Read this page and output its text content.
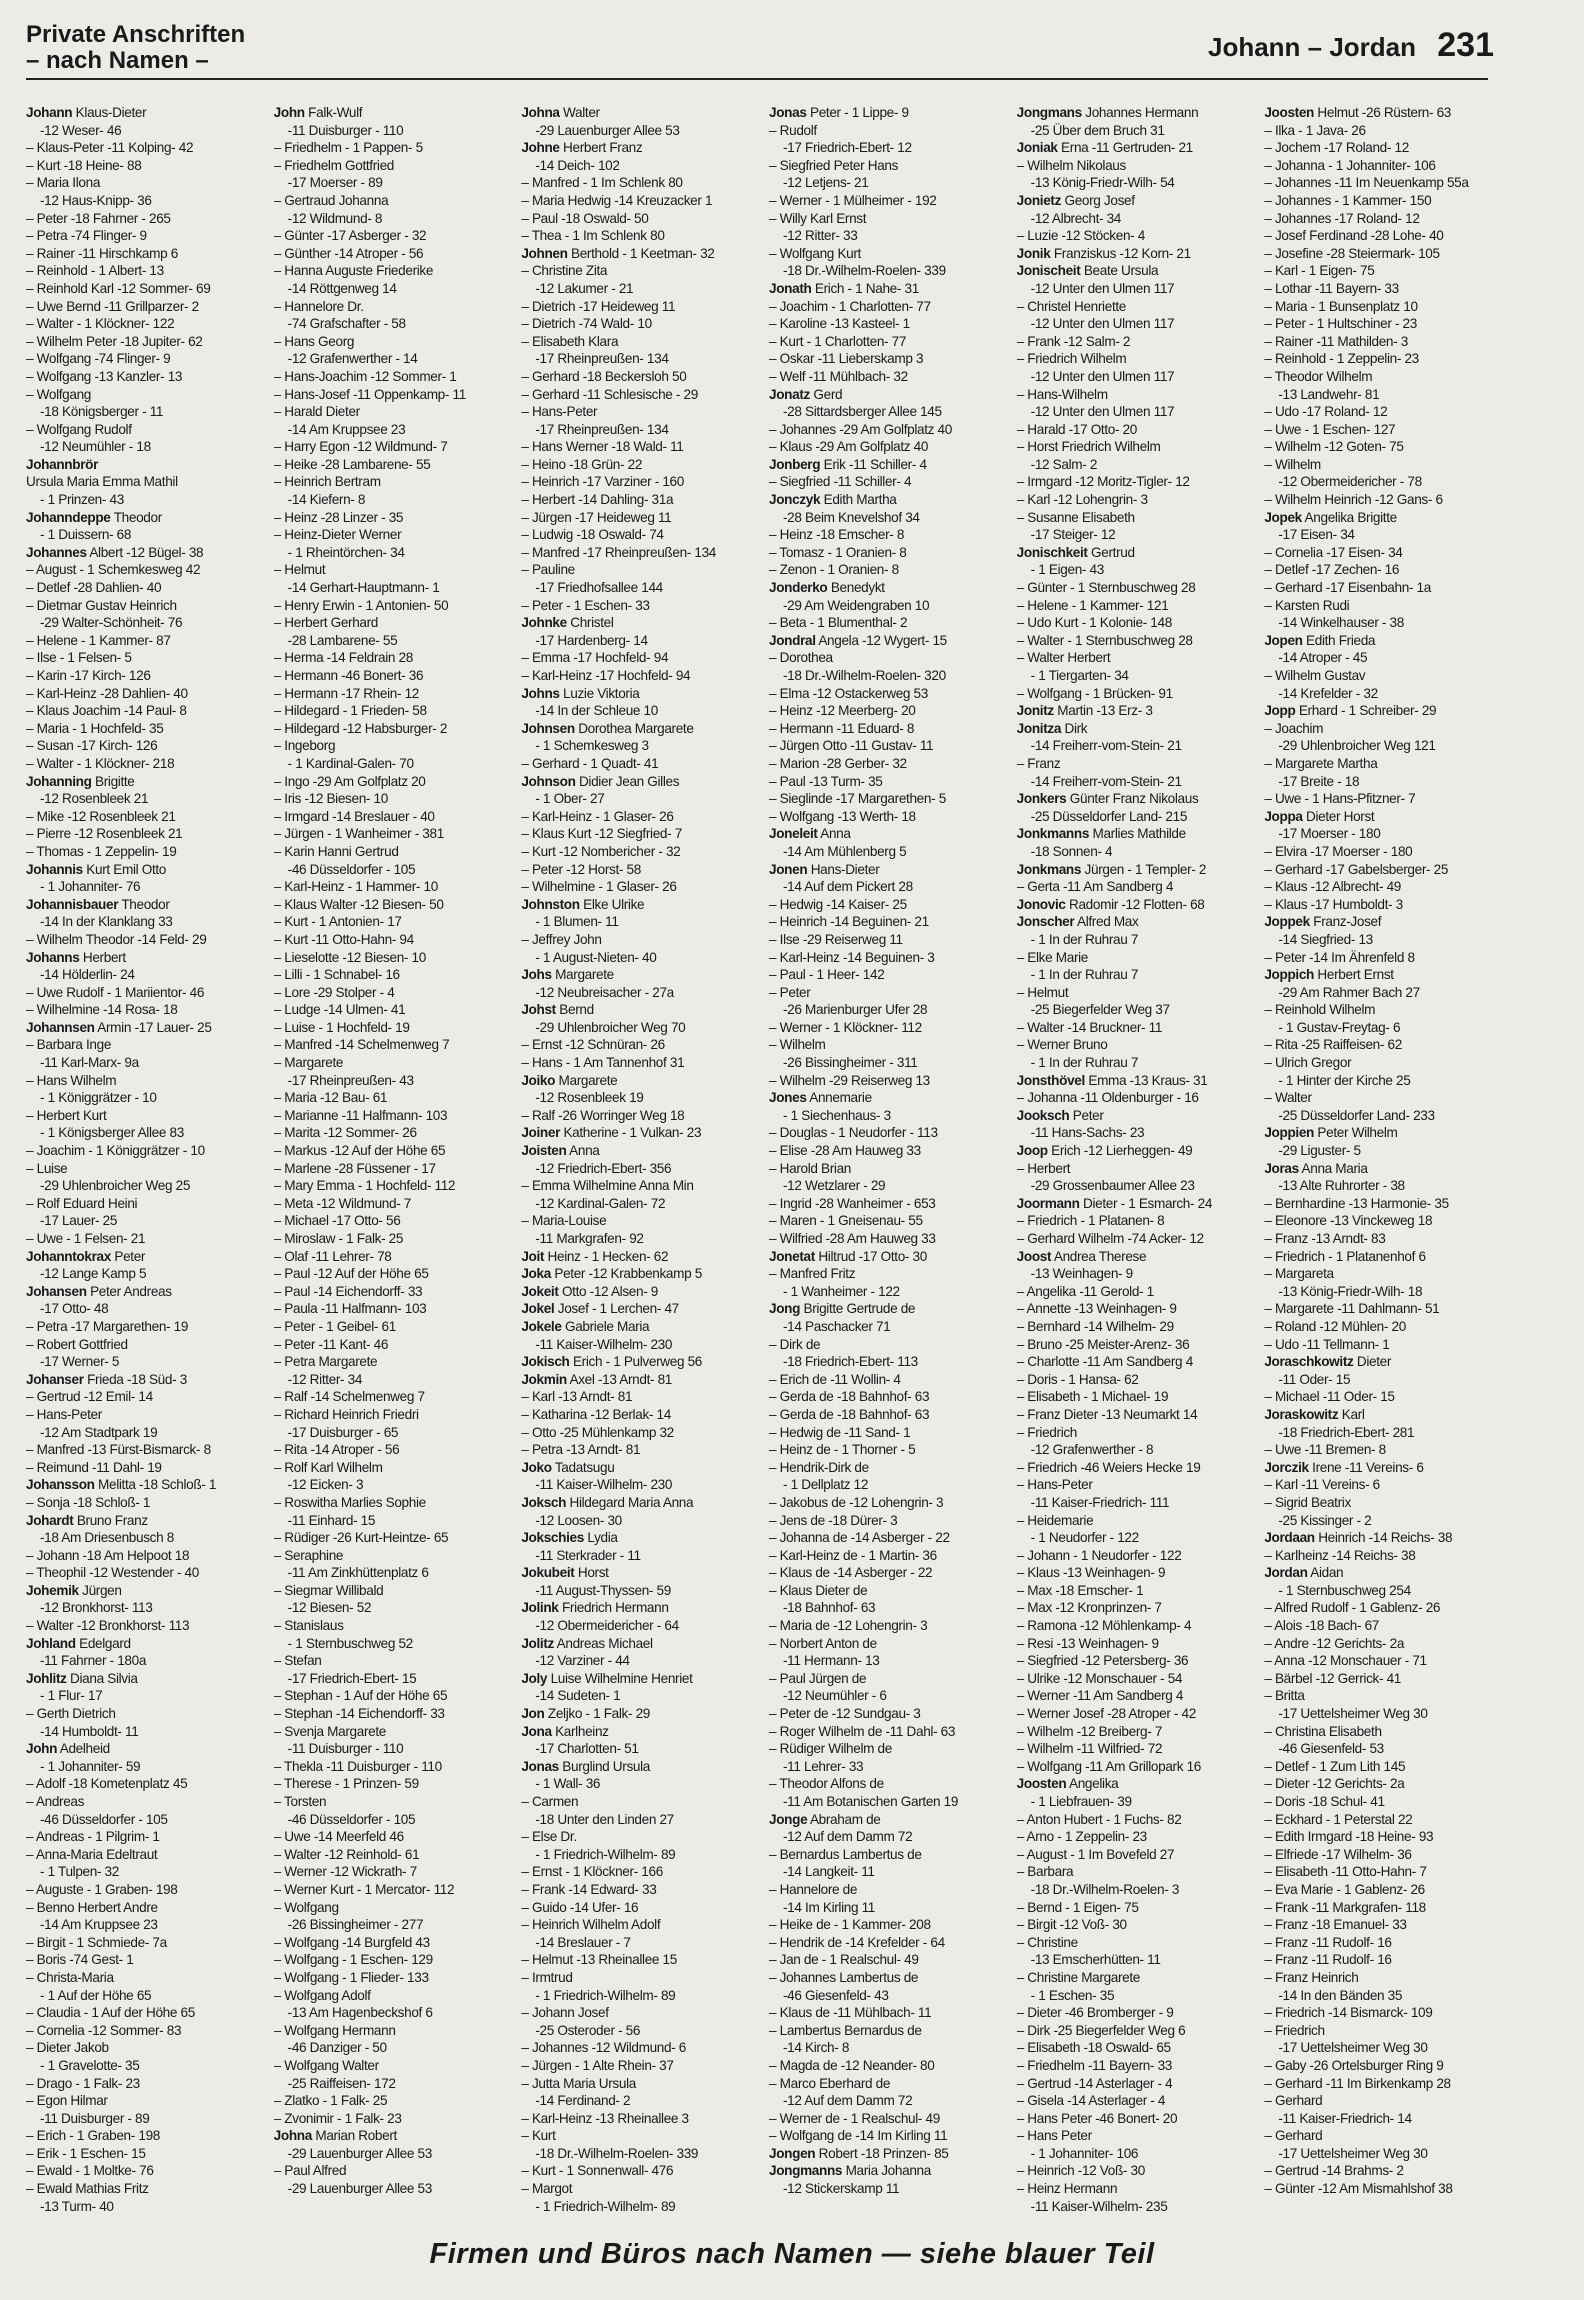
Private Anschriften
– nach Namen –	Johann – Jordan 231
Johann Klaus-Dieter
-12 Weser- 46
– Klaus-Peter -11 Kolping- 42
– Kurt -18 Heine- 88
– Maria Ilona
-12 Haus-Knipp- 36
– Peter -18 Fahrner - 265
– Petra -74 Flinger- 9
– Rainer -11 Hirschkamp 6
– Reinhold - 1 Albert- 13
– Reinhold Karl -12 Sommer- 69
– Uwe Bernd -11 Grillparzer- 2
– Walter - 1 Klöckner- 122
– Wilhelm Peter -18 Jupiter- 62
– Wolfgang -74 Flinger- 9
– Wolfgang -13 Kanzler- 13
– Wolfgang
-18 Königsberger - 11
– Wolfgang Rudolf
-12 Neumühler - 18
Johannbrör
Ursula Maria Emma Mathil
- 1 Prinzen- 43
Johanndeppe Theodor
- 1 Duissern- 68
Johannes Albert -12 Bügel- 38
– August - 1 Schemkesweg 42
– Detlef -28 Dahlien- 40
– Dietmar Gustav Heinrich
-29 Walter-Schönheit- 76
– Helene - 1 Kammer- 87
– Ilse - 1 Felsen- 5
– Karin -17 Kirch- 126
– Karl-Heinz -28 Dahlien- 40
– Klaus Joachim -14 Paul- 8
– Maria - 1 Hochfeld- 35
– Susan -17 Kirch- 126
– Walter - 1 Klöckner- 218
Johanning Brigitte
-12 Rosenbleek 21
– Mike -12 Rosenbleek 21
– Pierre -12 Rosenbleek 21
– Thomas - 1 Zeppelin- 19
Johannis Kurt Emil Otto
- 1 Johanniter- 76
Johannisbauer Theodor
-14 In der Klanklang 33
– Wilhelm Theodor -14 Feld- 29
Johanns Herbert
-14 Hölderlin- 24
– Uwe Rudolf - 1 Mariientor- 46
– Wilhelmine -14 Rosa- 18
Johannsen Armin -17 Lauer- 25
– Barbara Inge
-11 Karl-Marx- 9a
– Hans Wilhelm
- 1 Königgrätzer - 10
– Herbert Kurt
- 1 Königsberger Allee 83
– Joachim - 1 Königgrätzer - 10
– Luise
-29 Uhlenbroicher Weg 25
– Rolf Eduard Heini
-17 Lauer- 25
– Uwe - 1 Felsen- 21
Johanntokrax Peter
-12 Lange Kamp 5
Johansen Peter Andreas
-17 Otto- 48
– Petra -17 Margarethen- 19
– Robert Gottfried
-17 Werner- 5
Johanser Frieda -18 Süd- 3
– Gertrud -12 Emil- 14
– Hans-Peter
-12 Am Stadtpark 19
– Manfred -13 Fürst-Bismarck- 8
– Reimund -11 Dahl- 19
Johansson Melitta -18 Schloß- 1
– Sonja -18 Schloß- 1
Johardt Bruno Franz
-18 Am Driesenbusch 8
– Johann -18 Am Helpoot 18
– Theophil -12 Westender - 40
Johemik Jürgen
-12 Bronkhorst- 113
– Walter -12 Bronkhorst- 113
Johland Edelgard
-11 Fahrner - 180a
Johlitz Diana Silvia
- 1 Flur- 17
– Gerth Dietrich
-14 Humboldt- 11
John Adelheid
- 1 Johanniter- 59
– Adolf -18 Kometenplatz 45
– Andreas
-46 Düsseldorfer - 105
– Andreas - 1 Pilgrim- 1
– Anna-Maria Edeltraut
- 1 Tulpen- 32
– Auguste - 1 Graben- 198
– Benno Herbert Andre
-14 Am Kruppsee 23
– Birgit - 1 Schmiede- 7a
– Boris -74 Gest- 1
– Christa-Maria
- 1 Auf der Höhe 65
– Claudia - 1 Auf der Höhe 65
– Cornelia -12 Sommer- 83
– Dieter Jakob
- 1 Gravelotte- 35
– Drago - 1 Falk- 23
– Egon Hilmar
-11 Duisburger - 89
– Erich - 1 Graben- 198
– Erik - 1 Eschen- 15
– Ewald - 1 Moltke- 76
– Ewald Mathias Fritz
-13 Turm- 40
John Falk-Wulf
-11 Duisburger - 110
– Friedhelm - 1 Pappen- 5
– Friedhelm Gottfried
-17 Moerser - 89
– Gertraud Johanna
-12 Wildmund- 8
– Günter -17 Asberger - 32
– Günther -14 Atroper - 56
– Hanna Auguste Friederike
-14 Röttgenweg 14
– Hannelore Dr.
-74 Grafschafter - 58
– Hans Georg
-12 Grafenwerther - 14
– Hans-Joachim -12 Sommer- 1
– Hans-Josef -11 Oppenkamp- 11
– Harald Dieter
-14 Am Kruppsee 23
– Harry Egon -12 Wildmund- 7
– Heike -28 Lambarene- 55
– Heinrich Bertram
-14 Kiefern- 8
– Heinz -28 Linzer - 35
– Heinz-Dieter Werner
- 1 Rheintörchen- 34
– Helmut
-14 Gerhart-Hauptmann- 1
– Henry Erwin - 1 Antonien- 50
– Herbert Gerhard
-28 Lambarene- 55
– Herma -14 Feldrain 28
– Hermann -46 Bonert- 36
– Hermann -17 Rhein- 12
– Hildegard - 1 Frieden- 58
– Hildegard -12 Habsburger- 2
– Ingeborg
- 1 Kardinal-Galen- 70
– Ingo -29 Am Golfplatz 20
– Iris -12 Biesen- 10
– Irmgard -14 Breslauer - 40
– Jürgen - 1 Wanheimer - 381
– Karin Hanni Gertrud
-46 Düsseldorfer - 105
– Karl-Heinz - 1 Hammer- 10
– Klaus Walter -12 Biesen- 50
– Kurt - 1 Antonien- 17
– Kurt -11 Otto-Hahn- 94
– Lieselotte -12 Biesen- 10
– Lilli - 1 Schnabel- 16
– Lore -29 Stolper - 4
– Ludge -14 Ulmen- 41
– Luise - 1 Hochfeld- 19
– Manfred -14 Schelmenweg 7
– Margarete
-17 Rheinpreußen- 43
– Maria -12 Bau- 61
– Marianne -11 Halfmann- 103
– Marita -12 Sommer- 26
– Markus -12 Auf der Höhe 65
– Marlene -28 Füssener - 17
– Mary Emma - 1 Hochfeld- 112
– Meta -12 Wildmund- 7
– Michael -17 Otto- 56
– Miroslaw - 1 Falk- 25
– Olaf -11 Lehrer- 78
– Paul -12 Auf der Höhe 65
– Paul -14 Eichendorff- 33
– Paula -11 Halfmann- 103
– Peter - 1 Geibel- 61
– Peter -11 Kant- 46
– Petra Margarete
-12 Ritter- 34
– Ralf -14 Schelmenweg 7
– Richard Heinrich Friedri
-17 Duisburger - 65
– Rita -14 Atroper - 56
– Rolf Karl Wilhelm
-12 Eicken- 3
– Roswitha Marlies Sophie
-11 Einhard- 15
– Rüdiger -26 Kurt-Heintze- 65
– Seraphine
-11 Am Zinkhüttenplatz 6
– Siegmar Willibald
-12 Biesen- 52
– Stanislaus
- 1 Sternbuschweg 52
– Stefan
-17 Friedrich-Ebert- 15
– Stephan - 1 Auf der Höhe 65
– Stephan -14 Eichendorff- 33
– Svenja Margarete
-11 Duisburger - 110
– Thekla -11 Duisburger - 110
– Therese - 1 Prinzen- 59
– Torsten
-46 Düsseldorfer - 105
– Uwe -14 Meerfeld 46
– Walter -12 Reinhold- 61
– Werner -12 Wickrath- 7
– Werner Kurt - 1 Mercator- 112
– Wolfgang
-26 Bissingheimer - 277
– Wolfgang -14 Burgfeld 43
– Wolfgang - 1 Eschen- 129
– Wolfgang - 1 Flieder- 133
– Wolfgang Adolf
-13 Am Hagenbeckshof 6
– Wolfgang Hermann
-46 Danziger - 50
– Wolfgang Walter
-25 Raiffeisen- 172
– Zlatko - 1 Falk- 25
– Zvonimir - 1 Falk- 23
Johna Marian Robert
-29 Lauenburger Allee 53
– Paul Alfred
-29 Lauenburger Allee 53
Johna Walter
-29 Lauenburger Allee 53
Johne Herbert Franz
-14 Deich- 102
– Manfred - 1 Im Schlenk 80
– Maria Hedwig -14 Kreuzacker 1
– Paul -18 Oswald- 50
– Thea - 1 Im Schlenk 80
Johnen Berthold - 1 Keetman- 32
– Christine Zita
-12 Lakumer - 21
– Dietrich -17 Heideweg 11
– Dietrich -74 Wald- 10
– Elisabeth Klara
-17 Rheinpreußen- 134
– Gerhard -18 Beckersloh 50
– Gerhard -11 Schlesische - 29
– Hans-Peter
-17 Rheinpreußen- 134
– Hans Werner -18 Wald- 11
– Heino -18 Grün- 22
– Heinrich -17 Varziner - 160
– Herbert -14 Dahling- 31a
– Jürgen -17 Heideweg 11
– Ludwig -18 Oswald- 74
– Manfred -17 Rheinpreußen- 134
– Pauline
-17 Friedhofsallee 144
– Peter - 1 Eschen- 33
Johnke Christel
-17 Hardenberg- 14
– Emma -17 Hochfeld- 94
– Karl-Heinz -17 Hochfeld- 94
Johns Luzie Viktoria
-14 In der Schleue 10
Johnsen Dorothea Margarete
- 1 Schemkesweg 3
– Gerhard - 1 Quadt- 41
Johnson Didier Jean Gilles
- 1 Ober- 27
– Karl-Heinz - 1 Glaser- 26
– Klaus Kurt -12 Siegfried- 7
– Kurt -12 Nombericher - 32
– Peter -12 Horst- 58
– Wilhelmine - 1 Glaser- 26
Johnston Elke Ulrike
- 1 Blumen- 11
– Jeffrey John
- 1 August-Nieten- 40
Johs Margarete
-12 Neubreisacher - 27a
Johst Bernd
-29 Uhlenbroicher Weg 70
– Ernst -12 Schnüran- 26
– Hans - 1 Am Tannenhof 31
Joiko Margarete
-12 Rosenbleek 19
– Ralf -26 Worringer Weg 18
Joiner Katherine - 1 Vulkan- 23
Joisten Anna
-12 Friedrich-Ebert- 356
– Emma Wilhelmine Anna Min
-12 Kardinal-Galen- 72
– Maria-Louise
-11 Markgrafen- 92
Joit Heinz - 1 Hecken- 62
Joka Peter -12 Krabbenkamp 5
Jokeit Otto -12 Alsen- 9
Jokel Josef - 1 Lerchen- 47
Jokele Gabriele Maria
-11 Kaiser-Wilhelm- 230
Jokisch Erich - 1 Pulverweg 56
Jokmin Axel -13 Arndt- 81
– Karl -13 Arndt- 81
– Katharina -12 Berlak- 14
– Otto -25 Mühlenkamp 32
– Petra -13 Arndt- 81
Joko Tadatsugu
-11 Kaiser-Wilhelm- 230
Joksch Hildegard Maria Anna
-12 Loosen- 30
Jokschies Lydia
-11 Sterkrader - 11
Jokubeit Horst
-11 August-Thyssen- 59
Jolink Friedrich Hermann
-12 Obermeiderichеr - 64
Jolitz Andreas Michael
-12 Varziner - 44
Joly Luise Wilhelmine Henriet
-14 Sudeten- 1
Jon Zeljko - 1 Falk- 29
Jona Karlheinz
-17 Charlotten- 51
Jonas Burglind Ursula
- 1 Wall- 36
– Carmen
-18 Unter den Linden 27
– Else Dr.
- 1 Friedrich-Wilhelm- 89
– Ernst - 1 Klöckner- 166
– Frank -14 Edward- 33
– Guido -14 Ufer- 16
– Heinrich Wilhelm Adolf
-14 Breslauer - 7
– Helmut -13 Rheinallee 15
– Irmtrud
- 1 Friedrich-Wilhelm- 89
– Johann Josef
-25 Osteroder - 56
– Johannes -12 Wildmund- 6
– Jürgen - 1 Alte Rhein- 37
– Jutta Maria Ursula
-14 Ferdinand- 2
– Karl-Heinz -13 Rheinallee 3
– Kurt
-18 Dr.-Wilhelm-Roelen- 339
– Kurt - 1 Sonnenwall- 476
– Margot
- 1 Friedrich-Wilhelm- 89
Jonas Peter - 1 Lippe- 9
– Rudolf
-17 Friedrich-Ebert- 12
– Siegfried Peter Hans
-12 Letjens- 21
– Werner - 1 Mülheimer - 192
– Willy Karl Ernst
-12 Ritter- 33
– Wolfgang Kurt
-18 Dr.-Wilhelm-Roelen- 339
Jonath Erich - 1 Nahe- 31
– Joachim - 1 Charlotten- 77
– Karoline -13 Kasteel- 1
– Kurt - 1 Charlotten- 77
– Oskar -11 Lieberskamp 3
– Welf -11 Mühlbach- 32
Jonatz Gerd
-28 Sittardsberger Allee 145
– Johannes -29 Am Golfplatz 40
– Klaus -29 Am Golfplatz 40
Jonberg Erik -11 Schiller- 4
– Siegfried -11 Schiller- 4
Jonczyk Edith Martha
-28 Beim Knevelshof 34
– Heinz -18 Emscher- 8
– Tomasz - 1 Oranien- 8
– Zenon - 1 Oranien- 8
Jonderko Benedykt
-29 Am Weidengraben 10
– Beta - 1 Blumenthal- 2
Jondral Angela -12 Wygert- 15
– Dorothea
-18 Dr.-Wilhelm-Roelen- 320
– Elma -12 Ostackerweg 53
– Heinz -12 Meerberg- 20
– Hermann -11 Eduard- 8
– Jürgen Otto -11 Gustav- 11
– Marion -28 Gerber- 32
– Paul -13 Turm- 35
– Sieglinde -17 Margarethen- 5
– Wolfgang -13 Werth- 18
Joneleit Anna
-14 Am Mühlenberg 5
Jonen Hans-Dieter
-14 Auf dem Pickert 28
– Hedwig -14 Kaiser- 25
– Heinrich -14 Beguinen- 21
– Ilse -29 Reiserweg 11
– Karl-Heinz -14 Beguinen- 3
– Paul - 1 Heer- 142
– Peter
-26 Marienburger Ufer 28
– Werner - 1 Klöckner- 112
– Wilhelm
-26 Bissingheimer - 311
– Wilhelm -29 Reiserweg 13
Jones Annemarie
- 1 Siechenhaus- 3
– Douglas - 1 Neudorfer - 113
– Elise -28 Am Hauweg 33
– Harold Brian
-12 Wetzlarer - 29
– Ingrid -28 Wanheimer - 653
– Maren - 1 Gneisenau- 55
– Wilfried -28 Am Hauweg 33
Jonetat Hiltrud -17 Otto- 30
– Manfred Fritz
- 1 Wanheimer - 122
Jong Brigitte Gertrude de
-14 Paschacker 71
– Dirk de
-18 Friedrich-Ebert- 113
– Erich de -11 Wollin- 4
– Gerda de -18 Bahnhof- 63
– Gerda de -18 Bahnhof- 63
– Hedwig de -11 Sand- 1
– Heinz de - 1 Thorner - 5
– Hendrik-Dirk de
- 1 Dellplatz 12
– Jakobus de -12 Lohengrin- 3
– Jens de -18 Dürer- 3
– Johanna de -14 Asberger - 22
– Karl-Heinz de - 1 Martin- 36
– Klaus de -14 Asberger - 22
– Klaus Dieter de
-18 Bahnhof- 63
– Maria de -12 Lohengrin- 3
– Norbert Anton de
-11 Hermann- 13
– Paul Jürgen de
-12 Neumühler - 6
– Peter de -12 Sundgau- 3
– Roger Wilhelm de -11 Dahl- 63
– Rüdiger Wilhelm de
-11 Lehrer- 33
– Theodor Alfons de
-11 Am Botanischen Garten 19
Jonge Abraham de
-12 Auf dem Damm 72
– Bernardus Lambertus de
-14 Langkeit- 11
– Hannelore de
-14 Im Kirling 11
– Heike de - 1 Kammer- 208
– Hendrik de -14 Krefelder - 64
– Jan de - 1 Realschul- 49
– Johannes Lambertus de
-46 Giesenfeld- 43
– Klaus de -11 Mühlbach- 11
– Lambertus Bernardus de
-14 Kirch- 8
– Magda de -12 Neander- 80
– Marco Eberhard de
-12 Auf dem Damm 72
– Werner de - 1 Realschul- 49
– Wolfgang de -14 Im Kirling 11
Jongen Robert -18 Prinzen- 85
Jongmanns Maria Johanna
-12 Stickerskamp 11
Jongmans Johannes Hermann
-25 Über dem Bruch 31
Joniak Erna -11 Gertruden- 21
– Wilhelm Nikolaus
-13 König-Friedr-Wilh- 54
Jonietz Georg Josef
-12 Albrecht- 34
– Luzie -12 Stöcken- 4
Jonik Franziskus -12 Korn- 21
Jonischeit Beate Ursula
-12 Unter den Ulmen 117
– Christel Henriette
-12 Unter den Ulmen 117
– Frank -12 Salm- 2
– Friedrich Wilhelm
-12 Unter den Ulmen 117
– Hans-Wilhelm
-12 Unter den Ulmen 117
– Harald -17 Otto- 20
– Horst Friedrich Wilhelm
-12 Salm- 2
– Irmgard -12 Moritz-Tigler- 12
– Karl -12 Lohengrin- 3
– Susanne Elisabeth
-17 Steiger- 12
Jonischkeit Gertrud
- 1 Eigen- 43
– Günter - 1 Sternbuschweg 28
– Helene - 1 Kammer- 121
– Udo Kurt - 1 Kolonie- 148
– Walter - 1 Sternbuschweg 28
– Walter Herbert
- 1 Tiergarten- 34
– Wolfgang - 1 Brücken- 91
Jonitz Martin -13 Erz- 3
Jonitza Dirk
-14 Freiherr-vom-Stein- 21
– Franz
-14 Freiherr-vom-Stein- 21
Jonkers Günter Franz Nikolaus
-25 Düsseldorfer Land- 215
Jonkmanns Marlies Mathilde
-18 Sonnen- 4
Jonkmans Jürgen - 1 Templer- 2
– Gerta -11 Am Sandberg 4
Jonovic Radomir -12 Flotten- 68
Jonscher Alfred Max
- 1 In der Ruhrau 7
– Elke Marie
- 1 In der Ruhrau 7
– Helmut
-25 Biegerfelder Weg 37
– Walter -14 Bruckner- 11
– Werner Bruno
- 1 In der Ruhrau 7
Jonsthövel Emma -13 Kraus- 31
– Johanna -11 Oldenburger - 16
Jooksch Peter
-11 Hans-Sachs- 23
Joop Erich -12 Lierheggen- 49
– Herbert
-29 Grossenbaumer Allee 23
Joormann Dieter - 1 Esmarch- 24
– Friedrich - 1 Platanen- 8
– Gerhard Wilhelm -74 Acker- 12
Joost Andrea Therese
-13 Weinhagen- 9
– Angelika -11 Gerold- 1
– Annette -13 Weinhagen- 9
– Bernhard -14 Wilhelm- 29
– Bruno -25 Meister-Arenz- 36
– Charlotte -11 Am Sandberg 4
– Doris - 1 Hansa- 62
– Elisabeth - 1 Michael- 19
– Franz Dieter -13 Neumarkt 14
– Friedrich
-12 Grafenwerther - 8
– Friedrich -46 Weiers Hecke 19
– Hans-Peter
-11 Kaiser-Friedrich- 111
– Heidemarie
- 1 Neudorfer - 122
– Johann - 1 Neudorfer - 122
– Klaus -13 Weinhagen- 9
– Max -18 Emscher- 1
– Max -12 Kronprinzen- 7
– Ramona -12 Möhlenkamp- 4
– Resi -13 Weinhagen- 9
– Siegfried -12 Petersberg- 36
– Ulrike -12 Monschauer - 54
– Werner -11 Am Sandberg 4
– Werner Josef -28 Atroper - 42
– Wilhelm -12 Breiberg- 7
– Wilhelm -11 Wilfried- 72
– Wolfgang -11 Am Grillopark 16
Joosten Angelika
- 1 Liebfrauen- 39
– Anton Hubert - 1 Fuchs- 82
– Arno - 1 Zeppelin- 23
– August - 1 Im Bovefeld 27
– Barbara
-18 Dr.-Wilhelm-Roelen- 3
– Bernd - 1 Eigen- 75
– Birgit -12 Voß- 30
– Christine
-13 Emscherhütten- 11
– Christine Margarete
- 1 Eschen- 35
– Dieter -46 Bromberger - 9
– Dirk -25 Biegerfelder Weg 6
– Elisabeth -18 Oswald- 65
– Friedhelm -11 Bayern- 33
– Gertrud -14 Asterlager - 4
– Gisela -14 Asterlager - 4
– Hans Peter -46 Bonert- 20
– Hans Peter
- 1 Johanniter- 106
– Heinrich -12 Voß- 30
– Heinz Hermann
-11 Kaiser-Wilhelm- 235
Joosten Helmut -26 Rüstern- 63
– Ilka - 1 Java- 26
– Jochem -17 Roland- 12
– Johanna - 1 Johanniter- 106
– Johannes -11 Im Neuenkamp 55a
– Johannes - 1 Kammer- 150
– Johannes -17 Roland- 12
– Josef Ferdinand -28 Lohe- 40
– Josefine -28 Steiermark- 105
– Karl - 1 Eigen- 75
– Lothar -11 Bayern- 33
– Maria - 1 Bunsenplatz 10
– Peter - 1 Hultschiner - 23
– Rainer -11 Mathilden- 3
– Reinhold - 1 Zeppelin- 23
– Theodor Wilhelm
-13 Landwehr- 81
– Udo -17 Roland- 12
– Uwe - 1 Eschen- 127
– Wilhelm -12 Goten- 75
– Wilhelm
-12 Obermeidericher - 78
– Wilhelm Heinrich -12 Gans- 6
Jopek Angelika Brigitte
-17 Eisen- 34
– Cornelia -17 Eisen- 34
– Detlef -17 Zechen- 16
– Gerhard -17 Eisenbahn- 1a
– Karsten Rudi
-14 Winkelhauser - 38
Jopen Edith Frieda
-14 Atroper - 45
– Wilhelm Gustav
-14 Krefelder - 32
Jopp Erhard - 1 Schreiber- 29
– Joachim
-29 Uhlenbroicher Weg 121
– Margarete Martha
-17 Breite - 18
– Uwe - 1 Hans-Pfitzner- 7
Joppa Dieter Horst
-17 Moerser - 180
– Elvira -17 Moerser - 180
– Gerhard -17 Gabelsberger- 25
– Klaus -12 Albrecht- 49
– Klaus -17 Humboldt- 3
Joppek Franz-Josef
-14 Siegfried- 13
– Peter -14 Im Ährenfeld 8
Joppich Herbert Ernst
-29 Am Rahmer Bach 27
– Reinhold Wilhelm
- 1 Gustav-Freytag- 6
– Rita -25 Raiffeisen- 62
– Ulrich Gregor
- 1 Hinter der Kirche 25
– Walter
-25 Düsseldorfer Land- 233
Joppien Peter Wilhelm
-29 Liguster- 5
Joras Anna Maria
-13 Alte Ruhrorter - 38
– Bernhardine -13 Harmonie- 35
– Eleonore -13 Vinckeweg 18
– Franz -13 Arndt- 83
– Friedrich - 1 Platanenhof 6
– Margareta
-13 König-Friedr-Wilh- 18
– Margarete -11 Dahlmann- 51
– Roland -12 Mühlen- 20
– Udo -11 Tellmann- 1
Joraschkowitz Dieter
-11 Oder- 15
– Michael -11 Oder- 15
Joraskowitz Karl
-18 Friedrich-Ebert- 281
– Uwe -11 Bremen- 8
Jorczik Irene -11 Vereins- 6
– Karl -11 Vereins- 6
– Sigrid Beatrix
-25 Kissinger - 2
Jordaan Heinrich -14 Reichs- 38
– Karlheinz -14 Reichs- 38
Jordan Aidan
- 1 Sternbuschweg 254
– Alfred Rudolf - 1 Gablenz- 26
– Alois -18 Bach- 67
– Andre -12 Gerichts- 2a
– Anna -12 Monschauer - 71
– Bärbel -12 Gerrick- 41
– Britta
-17 Uettelsheimer Weg 30
– Christina Elisabeth
-46 Giesenfeld- 53
– Detlef - 1 Zum Lith 145
– Dieter -12 Gerichts- 2a
– Doris -18 Schul- 41
– Eckhard - 1 Peterstal 22
– Edith Irmgard -18 Heine- 93
– Elfriede -17 Wilhelm- 36
– Elisabeth -11 Otto-Hahn- 7
– Eva Marie - 1 Gablenz- 26
– Frank -11 Markgrafen- 118
– Franz -18 Emanuel- 33
– Franz -11 Rudolf- 16
– Franz -11 Rudolf- 16
– Franz Heinrich
-14 In den Bänden 35
– Friedrich -14 Bismarck- 109
– Friedrich
-17 Uettelsheimer Weg 30
– Gaby -26 Ortelsburger Ring 9
– Gerhard -11 Im Birkenkamp 28
– Gerhard
-11 Kaiser-Friedrich- 14
– Gerhard
-17 Uettelsheimer Weg 30
– Gertrud -14 Brahms- 2
– Günter -12 Am Mismahlshof 38
Firmen und Büros nach Namen — siehe blauer Teil
